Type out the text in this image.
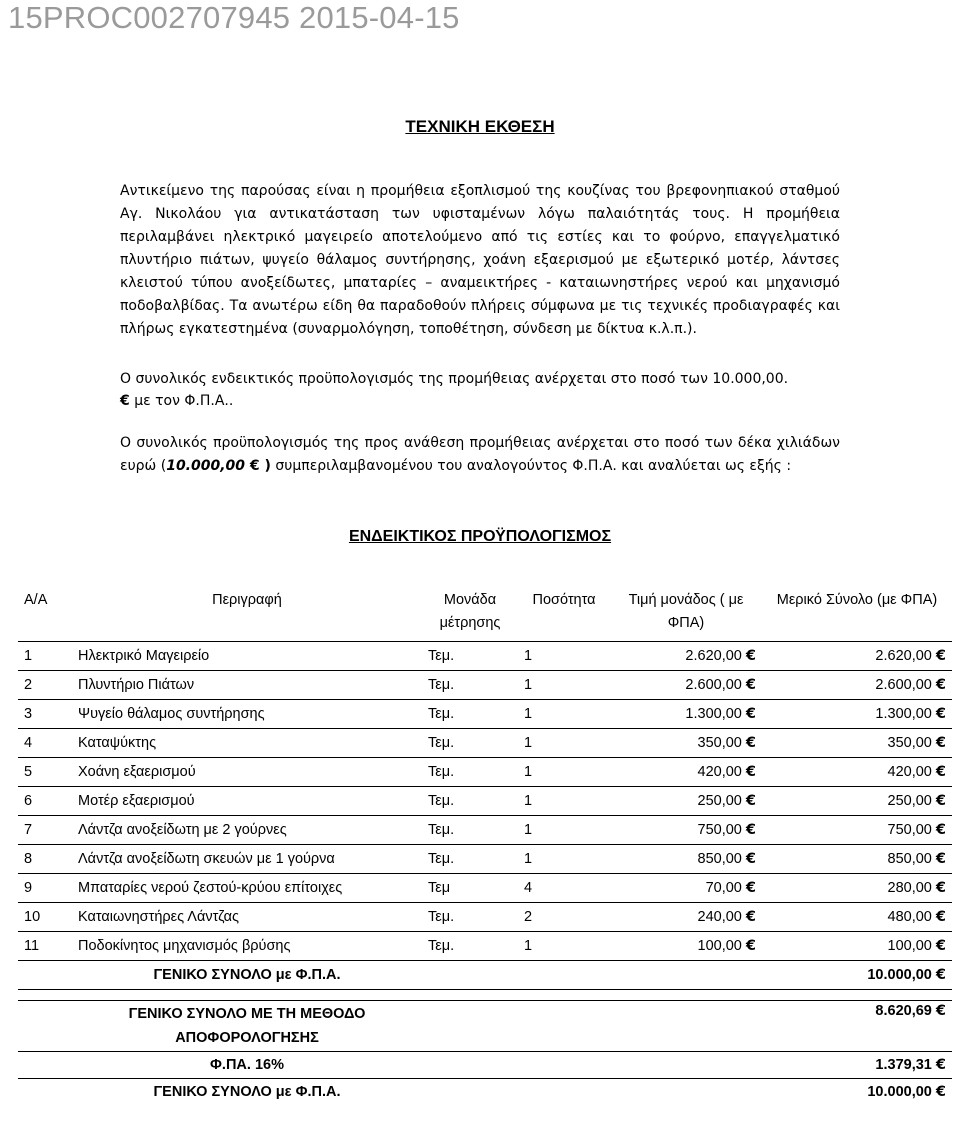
15PROC002707945 2015-04-15
ΤΕΧΝΙΚΗ ΕΚΘΕΣΗ
Αντικείμενο της παρούσας είναι η προμήθεια εξοπλισμού της κουζίνας του βρεφονηπιακού σταθμού Αγ. Νικολάου για αντικατάσταση των υφισταμένων λόγω παλαιότητάς τους. Η προμήθεια περιλαμβάνει ηλεκτρικό μαγειρείο αποτελούμενο από τις εστίες και το φούρνο, επαγγελματικό πλυντήριο πιάτων, ψυγείο θάλαμος συντήρησης, χοάνη εξαερισμού με εξωτερικό μοτέρ, λάντσες κλειστού τύπου ανοξείδωτες, μπαταρίες – αναμεικτήρες - καταιωνηστήρες νερού και μηχανισμό ποδοβαλβίδας. Τα ανωτέρω είδη θα παραδοθούν πλήρεις σύμφωνα με τις τεχνικές προδιαγραφές και πλήρως εγκατεστημένα (συναρμολόγηση, τοποθέτηση, σύνδεση με δίκτυα κ.λ.π.).
Ο συνολικός ενδεικτικός προϋπολογισμός της προμήθειας ανέρχεται στο ποσό των 10.000,00.
€ με τον Φ.Π.Α..
Ο συνολικός προϋπολογισμός της προς ανάθεση προμήθειας ανέρχεται στο ποσό των δέκα χιλιάδων ευρώ (10.000,00 € ) συμπεριλαμβανομένου του αναλογούντος Φ.Π.Α. και αναλύεται ως εξής :
ΕΝΔΕΙΚΤΙΚΟΣ ΠΡΟΫΠΟΛΟΓΙΣΜΟΣ
Α/Α	Περιγραφή	Μονάδα μέτρησης	Ποσότητα	Τιμή μονάδος ( με ΦΠΑ)	Μερικό Σύνολο (με ΦΠΑ)
1	Ηλεκτρικό Μαγειρείο	Τεμ.	1	2.620,00 €	2.620,00 €
2	Πλυντήριο Πιάτων	Τεμ.	1	2.600,00 €	2.600,00 €
3	Ψυγείο θάλαμος συντήρησης	Τεμ.	1	1.300,00 €	1.300,00 €
4	Καταψύκτης	Τεμ.	1	350,00 €	350,00 €
5	Χοάνη εξαερισμού	Τεμ.	1	420,00 €	420,00 €
6	Μοτέρ εξαερισμού	Τεμ.	1	250,00 €	250,00 €
7	Λάντζα ανοξείδωτη με 2 γούρνες	Τεμ.	1	750,00 €	750,00 €
8	Λάντζα ανοξείδωτη σκευών με 1 γούρνα	Τεμ.	1	850,00 €	850,00 €
9	Μπαταρίες νερού ζεστού-κρύου επίτοιχες	Τεμ	4	70,00 €	280,00 €
10	Καταιωνηστήρες Λάντζας	Τεμ.	2	240,00 €	480,00 €
11	Ποδοκίνητος μηχανισμός βρύσης	Τεμ.	1	100,00 €	100,00 €
	ΓΕΝΙΚΟ ΣΥΝΟΛΟ με Φ.Π.Α.				10.000,00 €

	ΓΕΝΙΚΟ ΣΥΝΟΛΟ ΜΕ ΤΗ ΜΕΘΟΔΟ ΑΠΟΦΟΡΟΛΟΓΗΣΗΣ				8.620,69 €
	Φ.ΠΑ. 16%				1.379,31 €
	ΓΕΝΙΚΟ ΣΥΝΟΛΟ με Φ.Π.Α.				10.000,00 €
